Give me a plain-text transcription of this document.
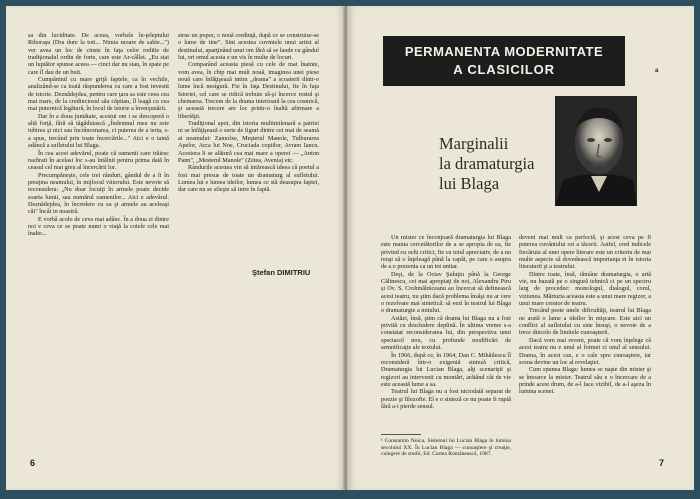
sa din luciditate. De aceea, vorbele în-ţeleptului Riboraşu (Dra dure la toti... Nimia moare de sabie...") ver avea un loc de cinste în faţa celor roditie de tradiţionalul ordin de forte, care este Ar-câllet. „Eu stai un luptător spunse aceea — cinci dar nu stau, în spate pe care îl dau de un buit.

Cumpănind cu mare grijă faptele, ca în vechile, analizând-se ca toată răspunderea cu care a fost investit de istorie. Deznădejdea, pentru care ţara sa este ceea cea mai mare, de la credinciosul său căpitan, îl leagă cu cea mai puternică legătură, în locul de istorie a înverşunării.

Dar în a doua jumătate, acestui om i se descoperă o altă forţă, fără să tăgăduiască „Îndemnul meu nu este iubirea şi nici sau încrâncenarea, ci puterea de a ierta, s-a spus, trecând prin toate încercările..." Aici e o taină adâncă a sufletului lui Blaga.

În cea acest adevărul, poate că oamenii care trăiesc rasfirati în acelasi loc s-au întâlnit pentru prima dată în ceasul cel mai greu al încercării lor.

Precumpăneşte, cele trei rânduri, gândul de a fi în preajma neamului, în mijlocul viitorului. Este nevoie să reconsidera: „Nu doar locuiţi în armele poate decide soarta lumii, sau numărul oamenilor... Aici e adevărul. Deznădejdea, în încredere cu ea şi armele au aceleaşi căi" încât in noastră.

E vorbă acolo de ceva mai adânc. În a doua zi dintre noi e ceva ce se poate numi o viaţă la cotele cele mai înalte...

strus un popor, o nouă credinţă, după ce se construise-se o lume de tine". Sint acestea cuvintele unui artist al destinului, aparţinând unui om fără să se laude cu gândul lui, ori omul acesta e un vis în multe de locuri.

Comparând aceasta piesă cu cele de mai înainte, vom avea, în chip mai mult nouă, imaginea unei piese nouă care înfăţişează intim „drama" a scoaterii dintr-o lume încă nesigură. Fie în faţa Destinului, fie în faţa Istoriei, cel care se ridică trebuie să-şi încerce rostul şi chemarea. Trecem de la drama interioară la cea cosmică, şi această trecere are loc printr-o înaltă afirmare a libertăţii.

Tradiţional apoi, din istoria multimilenară a patriei ni se înfăţişează o serie de figuri dintre cei mai de seamă ai neamului: Zamolxe, Meşterul Manole, Tulburarea Apelor, Arca lui Noe, Cruciada copiilor, Avram Iancu. Acestora li se alătură cea mai mare a operei — „Anton Pann", „Mesterul Manole" (Zetea, Avenia) etc.

Rândurile acestea vin să intărească ideea că poetul a fost mai presus de toate un dramaturg al sufletului. Lumea lui e lumea ideilor, lumea ce stă deasupra faptei, dar care nu se sfieşte să intre în faptă.

Ştefan DIMITRIU
6
a
PERMANENTA MODERNITATE
A CLASICILOR
Marginalii
la dramaturgia
lui Blaga

Un mister ce înconjoară dramaturgia lui Blaga este mania cercetătorilor de a se apropia de ea, fie privind cu ochi critici, fie cu totul apreciativ, de a nu reuşi să o înţeleagă până la capăt, pe care o asupra de a o prezenta ca un tot unitar.

Deşi, de la Octav Şuluţiu până la George Călinescu, cei mai apropiaţi de noi, Alexandru Piru şi Ov. S. Crohmălniceanu au încercat să definească acest teatru, nu ştim dacă problema însăşi nu ar cere o rezolvare mai sintetică: să vezi în teatrul lui Blaga o dramaturgie a mitului.

Astăzi, însă, ştim că drama lui Blaga nu a fost privită cu deschidere deplină. În ultima vreme s-a constatat reconsiderarea lui, din perspectiva unui spectacol nou, cu profunde modificări de semnificaţie ale textului.

În 1966, după ce, în 1964, Dan C. Mihăilescu îl reconsideră într-o exigentă sinteză critică, Dramaturgia lui Lucian Blaga, alţi scenarişti şi regizori au intervenit cu montări, arătând cât de vie este această lume a sa.

Teatrul lui Blaga nu a fost niciodată separat de poezie şi filozofie. El e o sinteză ce nu poate fi ruptă fără a-i pierde sensul.

¹ Constantin Noica, Sistemul lui Lucian Blaga în lumina secolului XX. În Lucian Blaga — cunoaştere şi creaţie, culegere de studii, Ed. Cartea Românească, 1987.

deveni mai mult ca perfectă, şi acest ceva pe fi puterea cuvântului ori a tăcerii. Astfel, cred indicele fiecăruia al unei opere literare este un criteriu de mai multe aspecte să dovedească importanţa ei în istoria literaturii şi a teatrului.

Dintre toate, însă, rămâne dramaturgia, o artă vie, nu bazată pe o singură tehnică ci pe un spectru larg de procedee: monologul, dialogul, corul, viziunea. Mărturia aceasta este a unui mare regizor, a unui mare creator de teatru.

Trecând peste unele dificultăţi, teatrul lui Blaga ne arată o lume a ideilor în mişcare. Este aici un conflict al sufletului cu sine însuşi, o nevoie de a trece dincolo de limitele cunoaşterii.

Dacă vom mai reveni, poate că vom înţelege că acest teatru nu e unul al formei ci unul al sensului. Drama, în acest caz, e o cale spre cunoaştere, iar scena devine un loc al revelaţiei.

Cum spunea Blaga: lumea se naşte din mister şi se întoarce la mister. Teatrul său e o încercare de a prinde acest drum, de a-l face vizibil, de a-l aşeza în lumina scenei.

7
